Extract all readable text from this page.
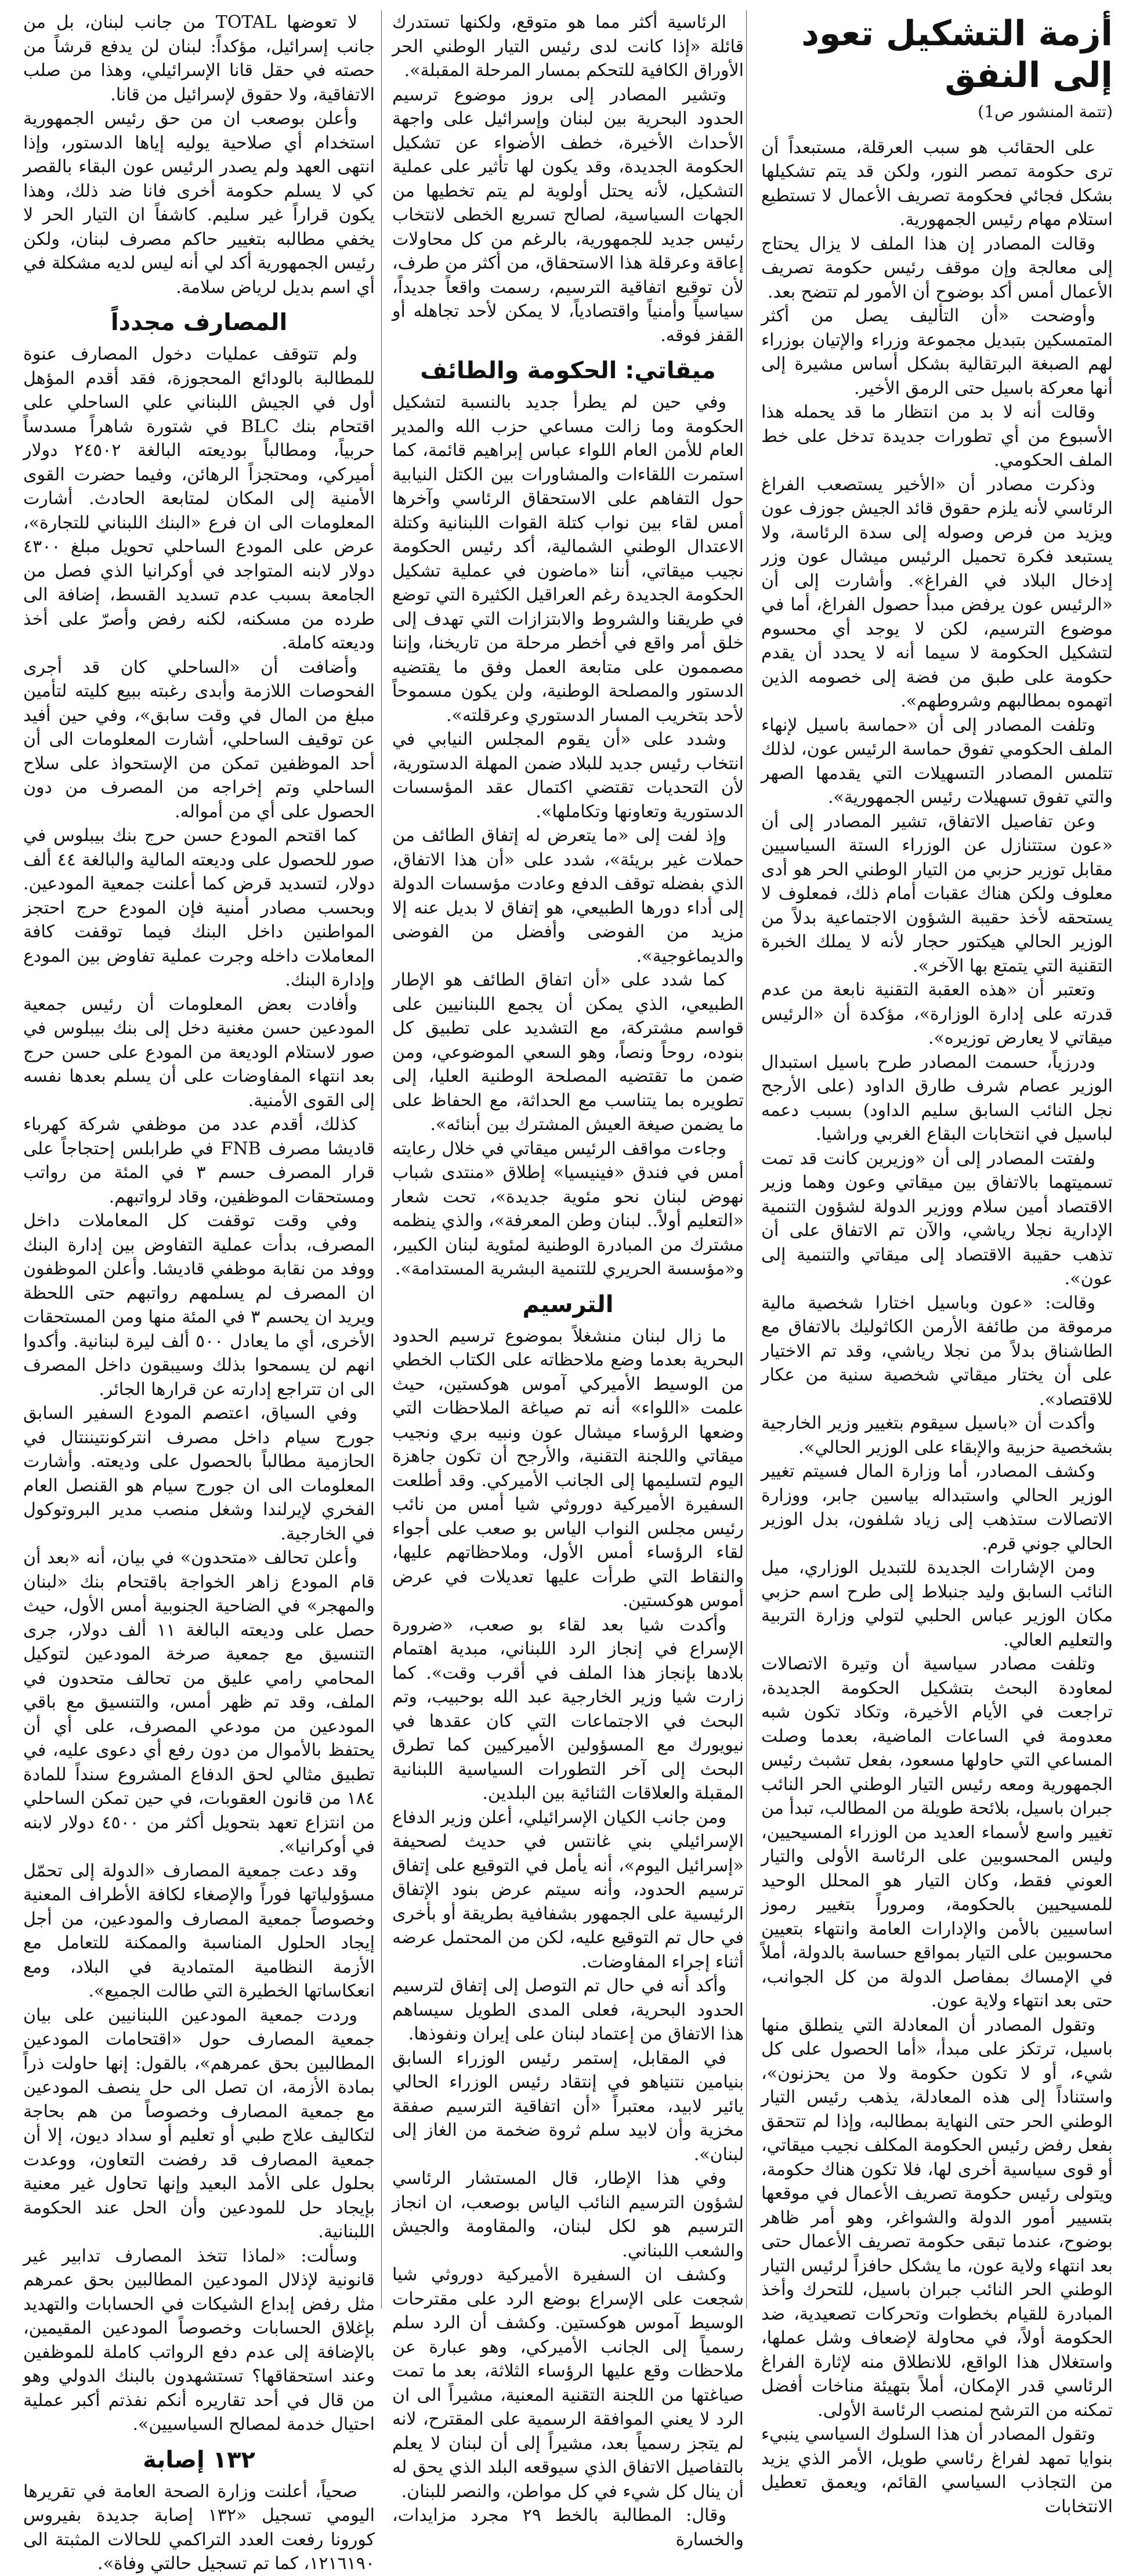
أزمة التشكيل تعود إلى النفق
(تتمة المنشور ص1)

على الحقائب هو سبب العرقلة، مستبعداً أن ترى حكومة تمصر النور، ولكن قد يتم تشكيلها بشكل فجائي فحكومة تصريف الأعمال لا تستطيع استلام مهام رئيس الجمهورية.

وقالت المصادر إن هذا الملف لا يزال يحتاج إلى معالجة وإن موقف رئيس حكومة تصريف الأعمال أمس أكد بوضوح أن الأمور لم تتضح بعد.

وأوضحت «أن التأليف يصل من أكثر المتمسكين بتبديل مجموعة وزراء والإتيان بوزراء لهم الصبغة البرتقالية بشكل أساس مشيرة إلى أنها معركة باسيل حتى الرمق الأخير.

وقالت أنه لا بد من انتظار ما قد يحمله هذا الأسبوع من أي تطورات جديدة تدخل على خط الملف الحكومي.

وذكرت مصادر أن «الأخير يستصعب الفراغ الرئاسي لأنه يلزم حقوق قائد الجيش جوزف عون ويزيد من فرص وصوله إلى سدة الرئاسة، ولا يستبعد فكرة تحميل الرئيس ميشال عون وزر إدخال البلاد في الفراغ». وأشارت إلى أن «الرئيس عون يرفض مبدأ حصول الفراغ، أما في موضوع الترسيم، لكن لا يوجد أي محسوم لتشكيل الحكومة لا سيما أنه لا يحدد أن يقدم حكومة على طبق من فضة إلى خصومه الذين اتهموه بمطالبهم وشروطهم».

وتلفت المصادر إلى أن «حماسة باسيل لإنهاء الملف الحكومي تفوق حماسة الرئيس عون، لذلك تتلمس المصادر التسهيلات التي يقدمها الصهر والتي تفوق تسهيلات رئيس الجمهورية».

وعن تفاصيل الاتفاق، تشير المصادر إلى أن «عون ستتنازل عن الوزراء الستة السياسيين مقابل توزير حزبي من التيار الوطني الحر هو أدى معلوف ولكن هناك عقبات أمام ذلك، فمعلوف لا يستحقه لأخذ حقيبة الشؤون الاجتماعية بدلاً من الوزير الحالي هيكتور حجار لأنه لا يملك الخبرة التقنية التي يتمتع بها الآخر».

وتعتبر أن «هذه العقبة التقنية نابعة من عدم قدرته على إدارة الوزارة»، مؤكدة أن «الرئيس ميقاتي لا يعارض توزيره».

ودرزياً، حسمت المصادر طرح باسيل استبدال الوزير عصام شرف طارق الداود (على الأرجح نجل النائب السابق سليم الداود) بسبب دعمه لباسيل في انتخابات البقاع الغربي وراشيا.

ولفتت المصادر إلى أن «وزيرين كانت قد تمت تسميتهما بالاتفاق بين ميقاتي وعون وهما وزير الاقتصاد أمين سلام ووزير الدولة لشؤون التنمية الإدارية نجلا رياشي، والآن تم الاتفاق على أن تذهب حقيبة الاقتصاد إلى ميقاتي والتنمية إلى عون».

وقالت: «عون وباسيل اختارا شخصية مالية مرموقة من طائفة الأرمن الكاثوليك بالاتفاق مع الطاشناق بدلاً من نجلا رياشي، وقد تم الاختيار على أن يختار ميقاتي شخصية سنية من عكار للاقتصاد».

وأكدت أن «باسيل سيقوم بتغيير وزير الخارجية بشخصية حزبية والإبقاء على الوزير الحالي».

وكشف المصادر، أما وزارة المال فسيتم تغيير الوزير الحالي واستبداله بياسين جابر، ووزارة الاتصالات ستذهب إلى زياد شلفون، بدل الوزير الحالي جوني قرم.

ومن الإشارات الجديدة للتبديل الوزاري، ميل النائب السابق وليد جنبلاط إلى طرح اسم حزبي مكان الوزير عباس الحلبي لتولي وزارة التربية والتعليم العالي.

وتلفت مصادر سياسية أن وتيرة الاتصالات لمعاودة البحث بتشكيل الحكومة الجديدة، تراجعت في الأيام الأخيرة، وتكاد تكون شبه معدومة في الساعات الماضية، بعدما وصلت المساعي التي حاولها مسعود، بفعل تشبث رئيس الجمهورية ومعه رئيس التيار الوطني الحر النائب جبران باسيل، بلائحة طويلة من المطالب، تبدأ من تغيير واسع لأسماء العديد من الوزراء المسيحيين، وليس المحسوبين على الرئاسة الأولى والتيار العوني فقط، وكان التيار هو المحلل الوحيد للمسيحيين بالحكومة، ومروراً بتغيير رموز اساسيين بالأمن والإدارات العامة وانتهاء بتعيين محسوبين على التيار بمواقع حساسة بالدولة، أملاً في الإمساك بمفاصل الدولة من كل الجوانب، حتى بعد انتهاء ولاية عون.

وتقول المصادر أن المعادلة التي ينطلق منها باسيل، ترتكز على مبدأ، «أما الحصول على كل شيء، أو لا تكون حكومة ولا من يحزنون»، واستناداً إلى هذه المعادلة، يذهب رئيس التيار الوطني الحر حتى النهاية بمطالبه، وإذا لم تتحقق بفعل رفض رئيس الحكومة المكلف نجيب ميقاتي، أو قوى سياسية أخرى لها، فلا تكون هناك حكومة، ويتولى رئيس حكومة تصريف الأعمال في موقعها بتسيير أمور الدولة والشواغر، وهو أمر ظاهر بوضوح، عندما تبقى حكومة تصريف الأعمال حتى بعد انتهاء ولاية عون، ما يشكل حافزاً لرئيس التيار الوطني الحر النائب جبران باسيل، للتحرك وأخذ المبادرة للقيام بخطوات وتحركات تصعيدية، ضد الحكومة أولاً، في محاولة لإضعاف وشل عملها، واستغلال هذا الواقع، للانطلاق منه لإثارة الفراغ الرئاسي قدر الإمكان، أملاً بتهيئة مناخات أفضل تمكنه من الترشح لمنصب الرئاسة الأولى.

وتقول المصادر أن هذا السلوك السياسي ينبيء بنوايا تمهد لفراغ رئاسي طويل، الأمر الذي يزيد من التجاذب السياسي القائم، ويعمق تعطيل الانتخابات

الرئاسية أكثر مما هو متوقع، ولكنها تستدرك قائلة «إذا كانت لدى رئيس التيار الوطني الحر الأوراق الكافية للتحكم بمسار المرحلة المقبلة».

وتشير المصادر إلى بروز موضوع ترسيم الحدود البحرية بين لبنان وإسرائيل على واجهة الأحداث الأخيرة، خطف الأضواء عن تشكيل الحكومة الجديدة، وقد يكون لها تأثير على عملية التشكيل، لأنه يحتل أولوية لم يتم تخطيها من الجهات السياسية، لصالح تسريع الخطى لانتخاب رئيس جديد للجمهورية، بالرغم من كل محاولات إعاقة وعرقلة هذا الاستحقاق، من أكثر من طرف، لأن توقيع اتفاقية الترسيم، رسمت واقعاً جديداً، سياسياً وأمنياً واقتصادياً، لا يمكن لأحد تجاهله أو القفز فوقه.

ميقاتي: الحكومة والطائف

وفي حين لم يطرأ جديد بالنسبة لتشكيل الحكومة وما زالت مساعي حزب الله والمدير العام للأمن العام اللواء عباس إبراهيم قائمة، كما استمرت اللقاءات والمشاورات بين الكتل النيابية حول التفاهم على الاستحقاق الرئاسي وآخرها أمس لقاء بين نواب كتلة القوات اللبنانية وكتلة الاعتدال الوطني الشمالية، أكد رئيس الحكومة نجيب ميقاتي، أننا «ماضون في عملية تشكيل الحكومة الجديدة رغم العراقيل الكثيرة التي توضع في طريقنا والشروط والابتزازات التي تهدف إلى خلق أمر واقع في أخطر مرحلة من تاريخنا، وإننا مصممون على متابعة العمل وفق ما يقتضيه الدستور والمصلحة الوطنية، ولن يكون مسموحاً لأحد بتخريب المسار الدستوري وعرقلته».

وشدد على «أن يقوم المجلس النيابي في انتخاب رئيس جديد للبلاد ضمن المهلة الدستورية، لأن التحديات تقتضي اكتمال عقد المؤسسات الدستورية وتعاونها وتكاملها».

وإذ لفت إلى «ما يتعرض له إتفاق الطائف من حملات غير بريئة»، شدد على «أن هذا الاتفاق، الذي بفضله توقف الدفع وعادت مؤسسات الدولة إلى أداء دورها الطبيعي، هو إتفاق لا بديل عنه إلا مزيد من الفوضى وأفضل من الفوضى والديماغوجية».

كما شدد على «أن اتفاق الطائف هو الإطار الطبيعي، الذي يمكن أن يجمع اللبنانيين على قواسم مشتركة، مع التشديد على تطبيق كل بنوده، روحاً ونصاً، وهو السعي الموضوعي، ومن ضمن ما تقتضيه المصلحة الوطنية العليا، إلى تطويره بما يتناسب مع الحداثة، مع الحفاظ على ما يضمن صيغة العيش المشترك بين أبنائه».

وجاءت مواقف الرئيس ميقاتي في خلال رعايته أمس في فندق «فينيسيا» إطلاق «منتدى شباب نهوض لبنان نحو مئوية جديدة»، تحت شعار «التعليم أولاً.. لبنان وطن المعرفة»، والذي ينظمه مشترك من المبادرة الوطنية لمئوية لبنان الكبير، و«مؤسسة الحريري للتنمية البشرية المستدامة».

الترسيم

ما زال لبنان منشغلاً بموضوع ترسيم الحدود البحرية بعدما وضع ملاحظاته على الكتاب الخطي من الوسيط الأميركي آموس هوكستين، حيث علمت «اللواء» أنه تم صياغة الملاحظات التي وضعها الرؤساء ميشال عون ونبيه بري ونجيب ميقاتي واللجنة التقنية، والأرجح أن تكون جاهزة اليوم لتسليمها إلى الجانب الأميركي. وقد أطلعت السفيرة الأميركية دوروثي شيا أمس من نائب رئيس مجلس النواب الياس بو صعب على أجواء لقاء الرؤساء أمس الأول، وملاحظاتهم عليها، والنقاط التي طرأت عليها تعديلات في عرض أموس هوكستين.

وأكدت شيا بعد لقاء بو صعب، «ضرورة الإسراع في إنجاز الرد اللبناني، مبدية اهتمام بلادها بإنجاز هذا الملف في أقرب وقت». كما زارت شيا وزير الخارجية عبد الله بوحبيب، وتم البحث في الاجتماعات التي كان عقدها في نيويورك مع المسؤولين الأميركيين كما تطرق البحث إلى آخر التطورات السياسية اللبنانية المقبلة والعلاقات الثنائية بين البلدين.

ومن جانب الكيان الإسرائيلي، أعلن وزير الدفاع الإسرائيلي بني غانتس في حديث لصحيفة «إسرائيل اليوم»، أنه يأمل في التوقيع على إتفاق ترسيم الحدود، وأنه سيتم عرض بنود الإتفاق الرئيسية على الجمهور بشفافية بطريقة أو بأخرى في حال تم التوقيع عليه، لكن من المحتمل عرضه أثناء إجراء المفاوضات.

وأكد أنه في حال تم التوصل إلى إتفاق لترسيم الحدود البحرية، فعلى المدى الطويل سيساهم هذا الاتفاق من إعتماد لبنان على إيران ونفوذها.

في المقابل، إستمر رئيس الوزراء السابق بنيامين نتنياهو في إنتقاد رئيس الوزراء الحالي يائير لابيد، معتبراً «أن اتفاقية الترسيم صفقة مخزية وأن لابيد سلم ثروة ضخمة من الغاز إلى لبنان».

وفي هذا الإطار، قال المستشار الرئاسي لشؤون الترسيم النائب الياس بوصعب، ان انجاز الترسيم هو لكل لبنان، والمقاومة والجيش والشعب اللبناني.

وكشف ان السفيرة الأميركية دوروثي شيا شجعت على الإسراع بوضع الرد على مقترحات الوسيط آموس هوكستين. وكشف أن الرد سلم رسمياً إلى الجانب الأميركي، وهو عبارة عن ملاحظات وقع عليها الرؤساء الثلاثة، بعد ما تمت صياغتها من اللجنة التقنية المعنية، مشيراً الى ان الرد لا يعني الموافقة الرسمية على المقترح، لانه لم يتجز رسمياً بعد، مشيراً إلى أن لبنان لا يعلم بالتفاصيل الاتفاق الذي سيوقعه البلد الذي يحق له أن ينال كل شيء في كل مواطن، والنصر للبنان.

وقال: المطالبة بالخط ٢٩ مجرد مزايدات، والخسارة

لا تعوضها TOTAL من جانب لبنان، بل من جانب إسرائيل، مؤكداً: لبنان لن يدفع قرشاً من حصته في حقل قانا الإسرائيلي، وهذا من صلب الاتفاقية، ولا حقوق لإسرائيل من قانا.

وأعلن بوصعب ان من حق رئيس الجمهورية استخدام أي صلاحية يوليه إياها الدستور، وإذا انتهى العهد ولم يصدر الرئيس عون البقاء بالقصر كي لا يسلم حكومة أخرى فانا ضد ذلك، وهذا يكون قراراً غير سليم. كاشفاً ان التيار الحر لا يخفي مطالبه بتغيير حاكم مصرف لبنان، ولكن رئيس الجمهورية أكد لي أنه ليس لديه مشكلة في أي اسم بديل لرياض سلامة.

المصارف مجدداً

ولم تتوقف عمليات دخول المصارف عنوة للمطالبة بالودائع المحجوزة، فقد أقدم المؤهل أول في الجيش اللبناني علي الساحلي على اقتحام بنك BLC في شتورة شاهراً مسدساً حربياً، ومطالباً بوديعته البالغة ٢٤٥٠٢ دولار أميركي، ومحتجزاً الرهائن، وفيما حضرت القوى الأمنية إلى المكان لمتابعة الحادث. أشارت المعلومات الى ان فرع «البنك اللبناني للتجارة»، عرض على المودع الساحلي تحويل مبلغ ٤٣٠٠ دولار لابنه المتواجد في أوكرانيا الذي فصل من الجامعة بسبب عدم تسديد القسط، إضافة الى طرده من مسكنه، لكنه رفض وأصرّ على أخذ وديعته كاملة.

وأضافت أن «الساحلي كان قد أجرى الفحوصات اللازمة وأبدى رغبته ببيع كليته لتأمين مبلغ من المال في وقت سابق»، وفي حين أفيد عن توقيف الساحلي، أشارت المعلومات الى أن أحد الموظفين تمكن من الإستحواذ على سلاح الساحلي وتم إخراجه من المصرف من دون الحصول على أي من أمواله.

كما اقتحم المودع حسن حرج بنك بيبلوس في صور للحصول على وديعته المالية والبالغة ٤٤ ألف دولار، لتسديد قرض كما أعلنت جمعية المودعين. وبحسب مصادر أمنية فإن المودع حرج احتجز المواطنين داخل البنك فيما توقفت كافة المعاملات داخله وجرت عملية تفاوض بين المودع وإدارة البنك.

وأفادت بعض المعلومات أن رئيس جمعية المودعين حسن مغنية دخل إلى بنك بيبلوس في صور لاستلام الوديعة من المودع على حسن حرج بعد انتهاء المفاوضات على أن يسلم بعدها نفسه إلى القوى الأمنية.

كذلك، أقدم عدد من موظفي شركة كهرباء قاديشا مصرف FNB في طرابلس إحتجاجاً على قرار المصرف حسم ٣ في المئة من رواتب ومستحقات الموظفين، وقاد لرواتبهم.

وفي وقت توقفت كل المعاملات داخل المصرف، بدأت عملية التفاوض بين إدارة البنك ووفد من نقابة موظفي قاديشا. وأعلن الموظفون ان المصرف لم يسلمهم رواتبهم حتى اللحظة ويريد ان يحسم ٣ في المئة منها ومن المستحقات الأخرى، أي ما يعادل ٥٠٠ ألف ليرة لبنانية. وأكدوا انهم لن يسمحوا بذلك وسيبقون داخل المصرف الى ان تتراجع إدارته عن قرارها الجائر.

وفي السياق، اعتصم المودع السفير السابق جورج سيام داخل مصرف انتركونتيننتال في الحازمية مطالباً بالحصول على وديعته. وأشارت المعلومات الى ان جورج سيام هو القنصل العام الفخري لإيرلندا وشغل منصب مدير البروتوكول في الخارجية.

وأعلن تحالف «متحدون» في بيان، أنه «بعد أن قام المودع زاهر الخواجة باقتحام بنك «لبنان والمهجر» في الضاحية الجنوبية أمس الأول، حيث حصل على وديعته البالغة ١١ ألف دولار، جرى التنسيق مع جمعية صرخة المودعين لتوكيل المحامي رامي عليق من تحالف متحدون في الملف، وقد تم ظهر أمس، والتنسيق مع باقي المودعين من مودعي المصرف، على أي أن يحتفظ بالأموال من دون رفع أي دعوى عليه، في تطبيق مثالي لحق الدفاع المشروع سنداً للمادة ١٨٤ من قانون العقوبات، في حين تمكن الساحلي من انتزاع تعهد بتحويل أكثر من ٤٥٠٠ دولار لابنه في أوكرانيا».

وقد دعت جمعية المصارف «الدولة إلى تحمّل مسؤولياتها فوراً والإصغاء لكافة الأطراف المعنية وخصوصاً جمعية المصارف والمودعين، من أجل إيجاد الحلول المناسبة والممكنة للتعامل مع الأزمة النظامية المتمادية في البلاد، ومع انعكاساتها الخطيرة التي طالت الجميع».

وردت جمعية المودعين اللبنانيين على بيان جمعية المصارف حول «اقتحامات المودعين المطالبين بحق عمرهم»، بالقول: إنها حاولت ذراً بمادة الأزمة، ان تصل الى حل ينصف المودعين مع جمعية المصارف وخصوصاً من هم بحاجة لتكاليف علاج طبي أو تعليم أو سداد ديون، إلا أن جمعية المصارف قد رفضت التعاون، ووعدت بحلول على الأمد البعيد وإنها تحاول غير معنية بإيجاد حل للمودعين وأن الحل عند الحكومة اللبنانية.

وسألت: «لماذا تتخذ المصارف تدابير غير قانونية لإذلال المودعين المطالبين بحق عمرهم مثل رفض إبداع الشيكات في الحسابات والتهديد بإغلاق الحسابات وخصوصاً المودعين المقيمين، بالإضافة إلى عدم دفع الرواتب كاملة للموظفين وعند استحقاقها؟ تستشهدون بالبنك الدولي وهو من قال في أحد تقاريره أنكم نفذتم أكبر عملية احتيال خدمة لمصالح السياسيين».

١٣٢ إصابة

صحياً، أعلنت وزارة الصحة العامة في تقريرها اليومي تسجيل «١٣٢ إصابة جديدة بفيروس كورونا رفعت العدد التراكمي للحالات المثبتة الى ١٢١٦١٩٠، كما تم تسجيل حالتي وفاة».
